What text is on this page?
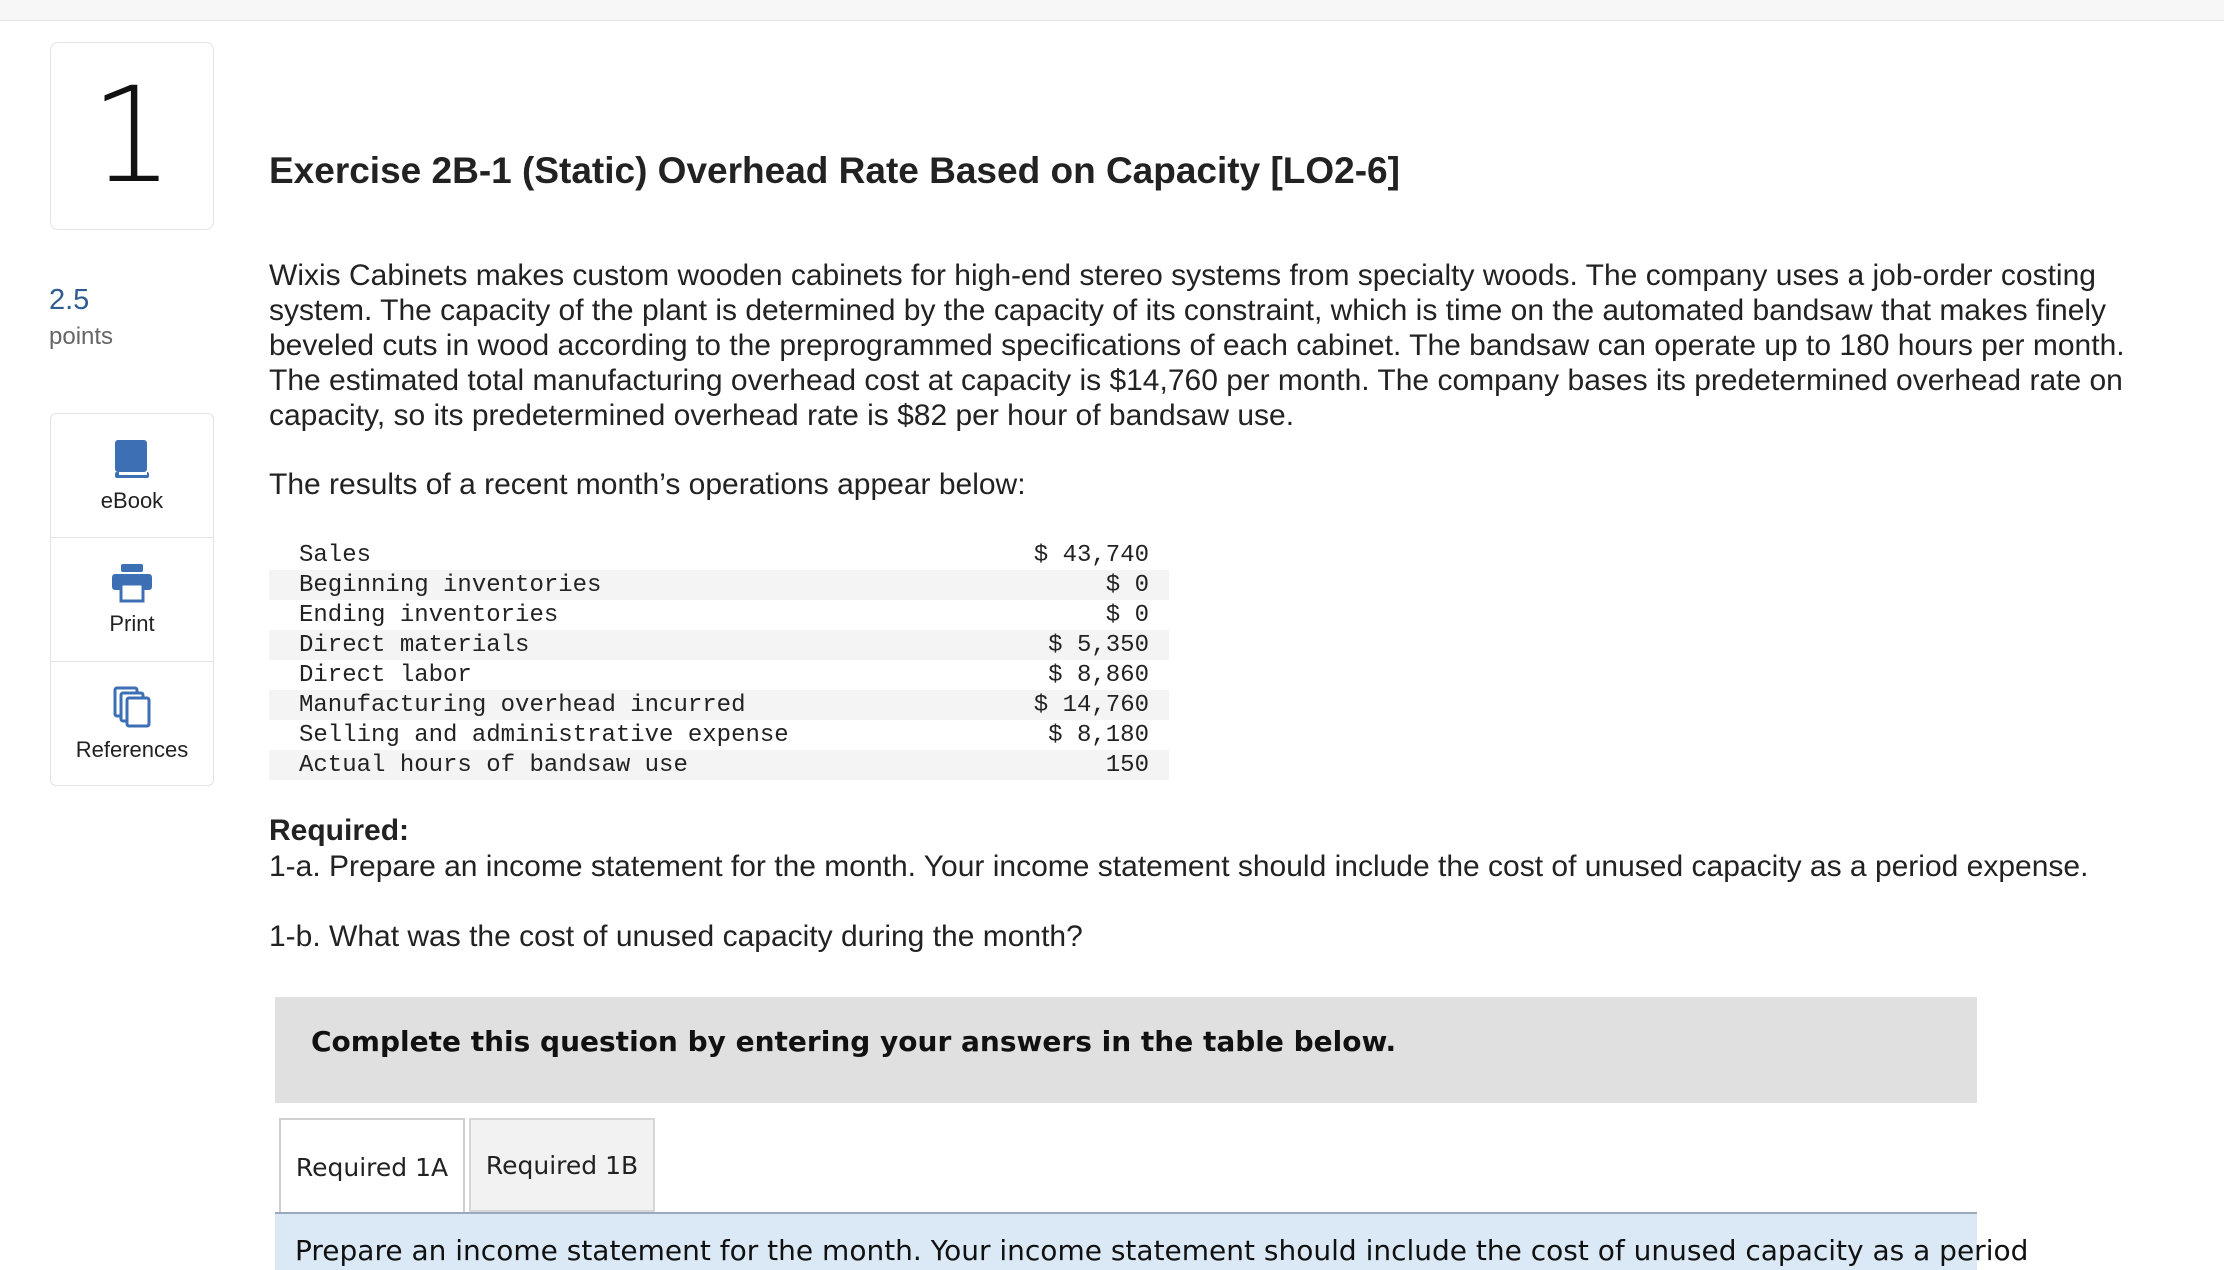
1
2.5
points
eBook
Print
References
Exercise 2B-1 (Static) Overhead Rate Based on Capacity [LO2-6]

Wixis Cabinets makes custom wooden cabinets for high-end stereo systems from specialty woods. The company uses a job-order costing system. The capacity of the plant is determined by the capacity of its constraint, which is time on the automated bandsaw that makes finely beveled cuts in wood according to the preprogrammed specifications of each cabinet. The bandsaw can operate up to 180 hours per month. The estimated total manufacturing overhead cost at capacity is $14,760 per month. The company bases its predetermined overhead rate on capacity, so its predetermined overhead rate is $82 per hour of bandsaw use.

The results of a recent month’s operations appear below:

Sales	$ 43,740
Beginning inventories	$ 0
Ending inventories	$ 0
Direct materials	$ 5,350
Direct labor	$ 8,860
Manufacturing overhead incurred	$ 14,760
Selling and administrative expense	$ 8,180
Actual hours of bandsaw use	150
Required:

1-a. Prepare an income statement for the month. Your income statement should include the cost of unused capacity as a period expense.

1-b. What was the cost of unused capacity during the month?

Complete this question by entering your answers in the table below.
Required 1A	Required 1B
Prepare an income statement for the month. Your income statement should include the cost of unused capacity as a period
